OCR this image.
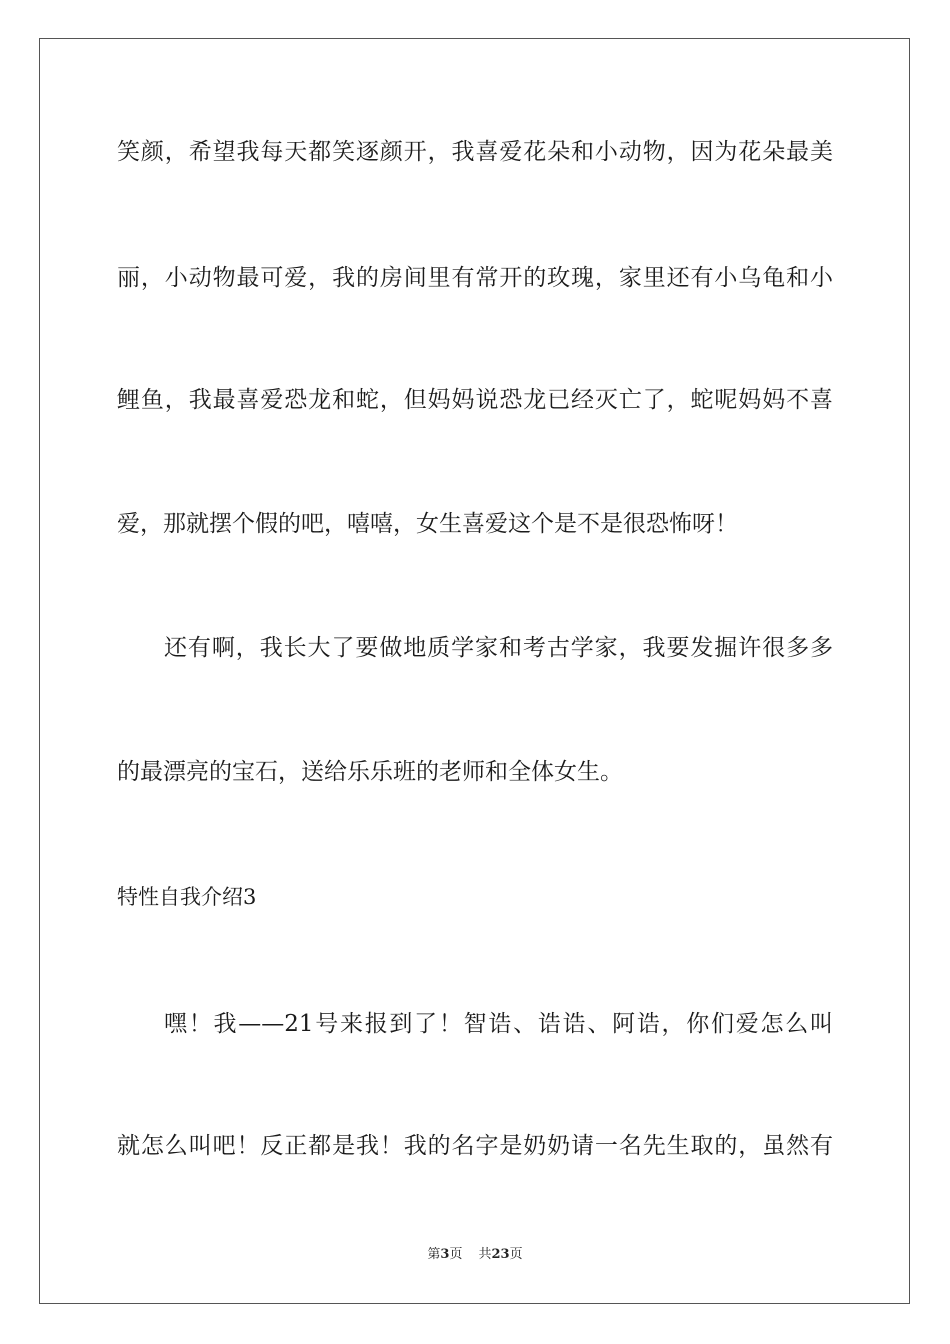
笑颜，希望我每天都笑逐颜开，我喜爱花朵和小动物，因为花朵最美
丽，小动物最可爱，我的房间里有常开的玫瑰，家里还有小乌龟和小
鲤鱼，我最喜爱恐龙和蛇，但妈妈说恐龙已经灭亡了，蛇呢妈妈不喜
爱，那就摆个假的吧，嘻嘻，女生喜爱这个是不是很恐怖呀！
还有啊，我长大了要做地质学家和考古学家，我要发掘许很多多
的最漂亮的宝石，送给乐乐班的老师和全体女生。
特性自我介绍3
嘿！我——21号来报到了！智诰、诰诰、阿诰，你们爱怎么叫
就怎么叫吧！反正都是我！我的名字是奶奶请一名先生取的，虽然有
第3页 共23页
